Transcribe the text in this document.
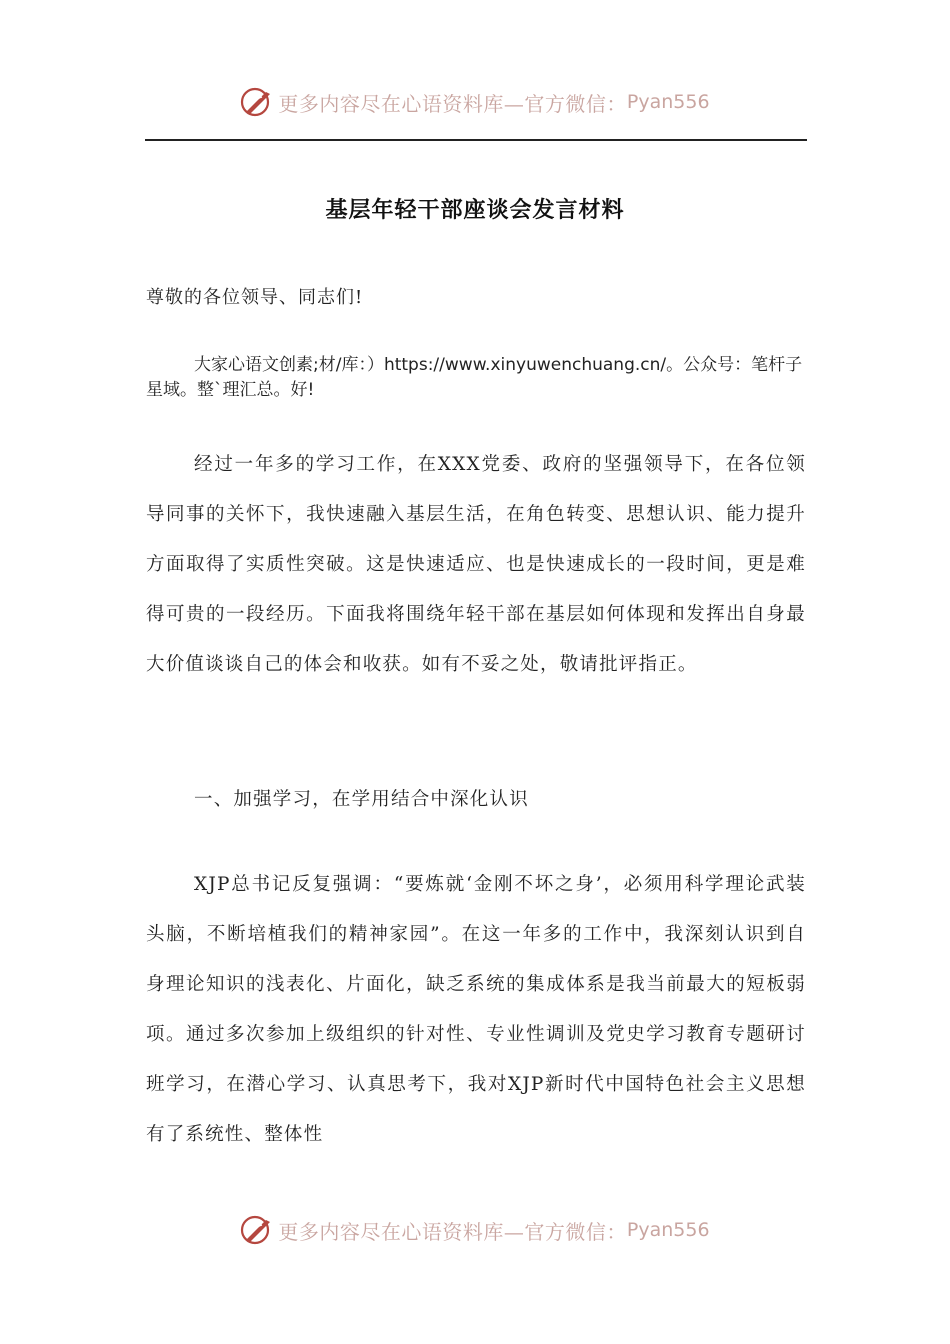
更多内容尽在心语资料库—官方微信： Pyan556
基层年轻干部座谈会发言材料
尊敬的各位领导、同志们!
大家心语文创素;材/库：）https://www.xinyuwenchuang.cn/。公众号：笔杆子星域。整`理汇总。好!

经过一年多的学习工作，在XXX党委、政府的坚强领导下，在各位领导同事的关怀下，我快速融入基层生活，在角色转变、思想认识、能力提升方面取得了实质性突破。这是快速适应、也是快速成长的一段时间，更是难得可贵的一段经历。下面我将围绕年轻干部在基层如何体现和发挥出自身最大价值谈谈自己的体会和收获。如有不妥之处，敬请批评指正。

一、加强学习，在学用结合中深化认识

XJP总书记反复强调：“要炼就‘金刚不坏之身’，必须用科学理论武装头脑，不断培植我们的精神家园”。在这一年多的工作中，我深刻认识到自身理论知识的浅表化、片面化，缺乏系统的集成体系是我当前最大的短板弱项。通过多次参加上级组织的针对性、专业性调训及党史学习教育专题研讨班学习，在潜心学习、认真思考下，我对XJP新时代中国特色社会主义思想有了系统性、整体性

更多内容尽在心语资料库—官方微信： Pyan556
